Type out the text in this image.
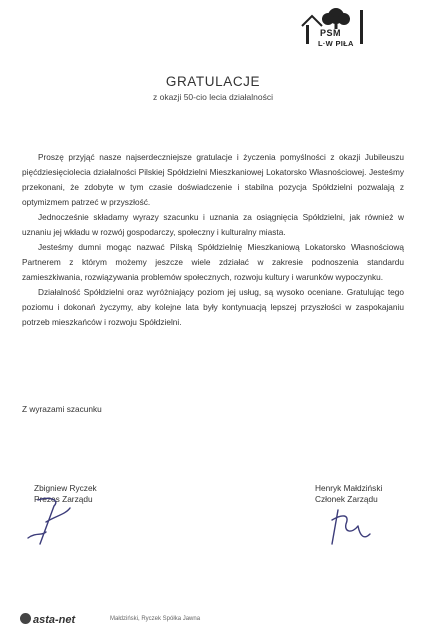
PSM
L·W PIŁA
GRATULACJE
z okazji 50-cio lecia działalności

Proszę przyjąć nasze najserdeczniejsze gratulacje i życzenia pomyślności z okazji Jubileuszu pięćdziesięciolecia działalności Pilskiej Spółdzielni Mieszkaniowej Lokatorsko Własnościowej. Jesteśmy przekonani, że zdobyte w tym czasie doświadczenie i stabilna pozycja Spółdzielni pozwalają z optymizmem patrzeć w przyszłość.

Jednocześnie składamy wyrazy szacunku i uznania za osiągnięcia Spółdzielni, jak również w uznaniu jej wkładu w rozwój gospodarczy, społeczny i kulturalny miasta.

Jesteśmy dumni mogąc nazwać Pilską Spółdzielnię Mieszkaniową Lokatorsko Własnościową Partnerem z którym możemy jeszcze wiele zdziałać w zakresie podnoszenia standardu zamieszkiwania, rozwiązywania problemów społecznych, rozwoju kultury i warunków wypoczynku.

Działalność Spółdzielni oraz wyróżniający poziom jej usług, są wysoko oceniane. Gratulując tego poziomu i dokonań życzymy, aby kolejne lata były kontynuacją lepszej przyszłości w zaspokajaniu potrzeb mieszkańców i rozwoju Spółdzielni.

Z wyrazami szacunku
Zbigniew Ryczek
Prezes Zarządu
Henryk Małdziński
Członek Zarządu
asta-net	Małdziński, Ryczek Spółka Jawna
